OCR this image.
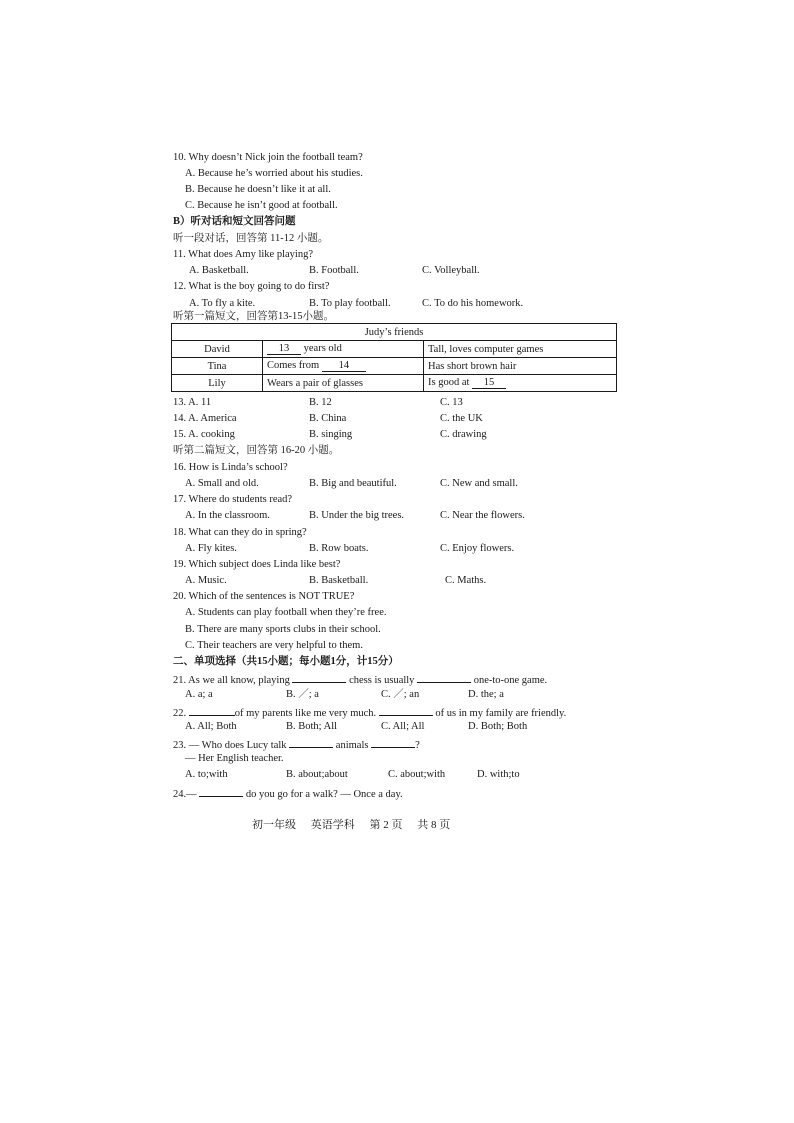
10. Why doesn’t Nick join the football team?
A. Because he’s worried about his studies.
B. Because he doesn’t like it at all.
C. Because he isn’t good at football.
B）听对话和短文回答问题
听一段对话，回答第 11-12 小题。
11. What does Amy like playing?
A. Basketball.	B. Football.	C. Volleyball.
12. What is the boy going to do first?
A. To fly a kite.	B. To play football.	C. To do his homework.
听第一篇短文，回答第13-15小题。
Judy’s friends		
David	13 years old	Tall, loves computer games
Tina	Comes from 14	Has short brown hair
Lily	Wears a pair of glasses	Is good at 15
13. A. 11	B. 12	C. 13
14. A. America	B. China	C. the UK
15. A. cooking	B. singing	C. drawing
听第二篇短文，回答第 16-20 小题。
16. How is Linda’s school?
A. Small and old.	B. Big and beautiful.	C. New and small.
17. Where do students read?
A. In the classroom.	B. Under the big trees.	C. Near the flowers.
18. What can they do in spring?
A. Fly kites.	B. Row boats.	C. Enjoy flowers.
19. Which subject does Linda like best?
A. Music.	B. Basketball.	C. Maths.
20. Which of the sentences is NOT TRUE?
A. Students can play football when they’re free.
B. There are many sports clubs in their school.
C. Their teachers are very helpful to them.
二、单项选择（共15小题；每小题1分，计15分）
21. As we all know, playing	chess is usually	one-to-one game.
A. a; a	B. ／; a	C. ／; an	D. the; a
22.	of my parents like me very much.	of us in my family are friendly.
A. All; Both	B. Both; All	C. All; All	D. Both; Both
23. — Who does Lucy talk	animals	?
— Her English teacher.
A. to;with	B. about;about	C. about;with	D. with;to
24.—	do you go for a walk? — Once a day.
初一年级 英语学科 第 2 页 共 8 页
